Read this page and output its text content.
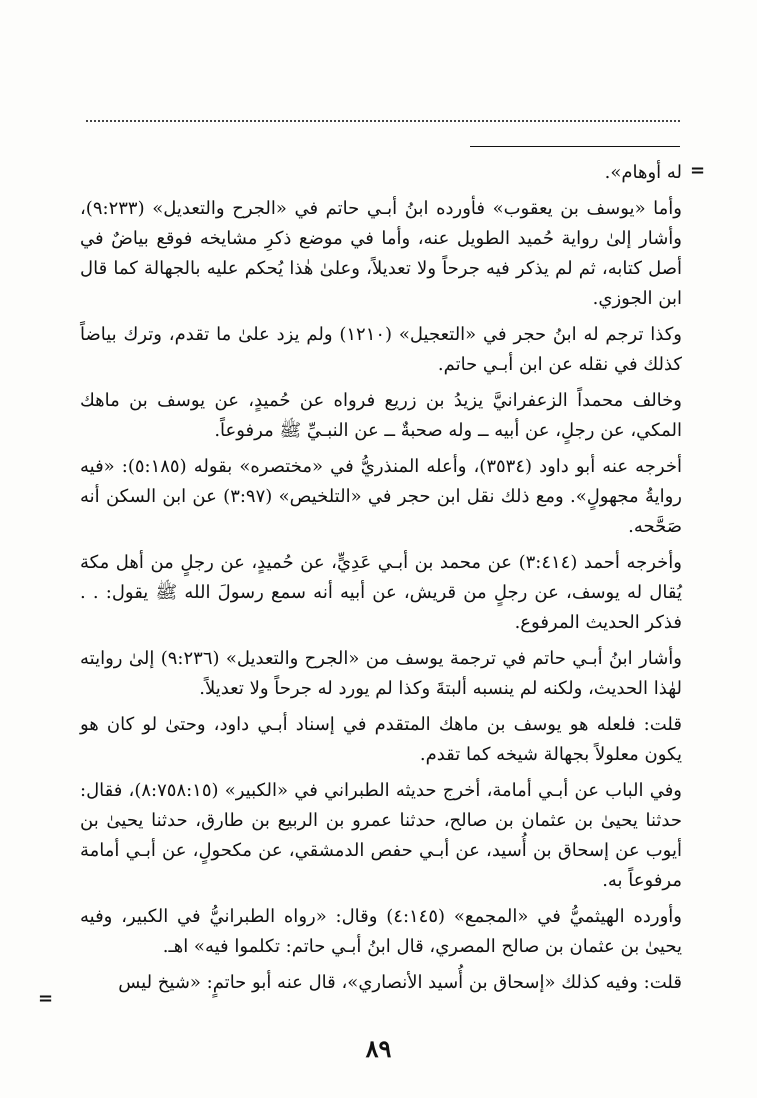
=

له أوهام».

وأما «يوسف بن يعقوب» فأورده ابنُ أبـي حاتم في «الجرح والتعديل» (٩:٢٣٣)، وأشار إلىٰ رواية حُميد الطويل عنه، وأما في موضع ذكرِ مشايخه فوقع بياضٌ في أصل كتابه، ثم لم يذكر فيه جرحاً ولا تعديلاً، وعلىٰ هٰذا يُحكم عليه بالجهالة كما قال ابن الجوزي.

وكذا ترجم له ابنُ حجر في «التعجيل» (١٢١٠) ولم يزد علىٰ ما تقدم، وترك بياضاً كذلك في نقله عن ابن أبـي حاتم.

وخالف محمداً الزعفرانيَّ يزيدُ بن زريع فرواه عن حُميدٍ، عن يوسف بن ماهك المكي، عن رجلٍ، عن أبيه ــ وله صحبةٌ ــ عن النبـيِّ ﷺ مرفوعاً.

أخرجه عنه أبو داود (٣٥٣٤)، وأعله المنذريُّ في «مختصره» بقوله (٥:١٨٥): «فيه روايةُ مجهولٍ». ومع ذلك نقل ابن حجر في «التلخيص» (٣:٩٧) عن ابن السكن أنه صَحَّحه.

وأخرجه أحمد (٣:٤١٤) عن محمد بن أبـي عَدِيٍّ، عن حُميدٍ، عن رجلٍ من أهل مكة يُقال له يوسف، عن رجلٍ من قريش، عن أبيه أنه سمع رسولَ الله ﷺ يقول: . . فذكر الحديث المرفوع.

وأشار ابنُ أبـي حاتم في ترجمة يوسف من «الجرح والتعديل» (٩:٢٣٦) إلىٰ روايته لهٰذا الحديث، ولكنه لم ينسبه ألبتةَ وكذا لم يورد له جرحاً ولا تعديلاً.

قلت: فلعله هو يوسف بن ماهك المتقدم في إسناد أبـي داود، وحتىٰ لو كان هو يكون معلولاً بجهالة شيخه كما تقدم.

وفي الباب عن أبـي أمامة، أخرج حديثه الطبراني في «الكبير» (٨:٧٥٨:١٥)، فقال: حدثنا يحيىٰ بن عثمان بن صالح، حدثنا عمرو بن الربيع بن طارق، حدثنا يحيىٰ بن أيوب عن إسحاق بن أُسيد، عن أبـي حفص الدمشقي، عن مكحولٍ، عن أبـي أمامة مرفوعاً به.

وأورده الهيثميُّ في «المجمع» (٤:١٤٥) وقال: «رواه الطبرانيُّ في الكبير، وفيه يحيىٰ بن عثمان بن صالح المصري، قال ابنُ أبـي حاتم: تكلموا فيه» اهـ.

قلت: وفيه كذلك «إسحاق بن أُسيد الأنصاري»، قال عنه أبو حاتمٍ: «شيخ ليس

=
٨٩
